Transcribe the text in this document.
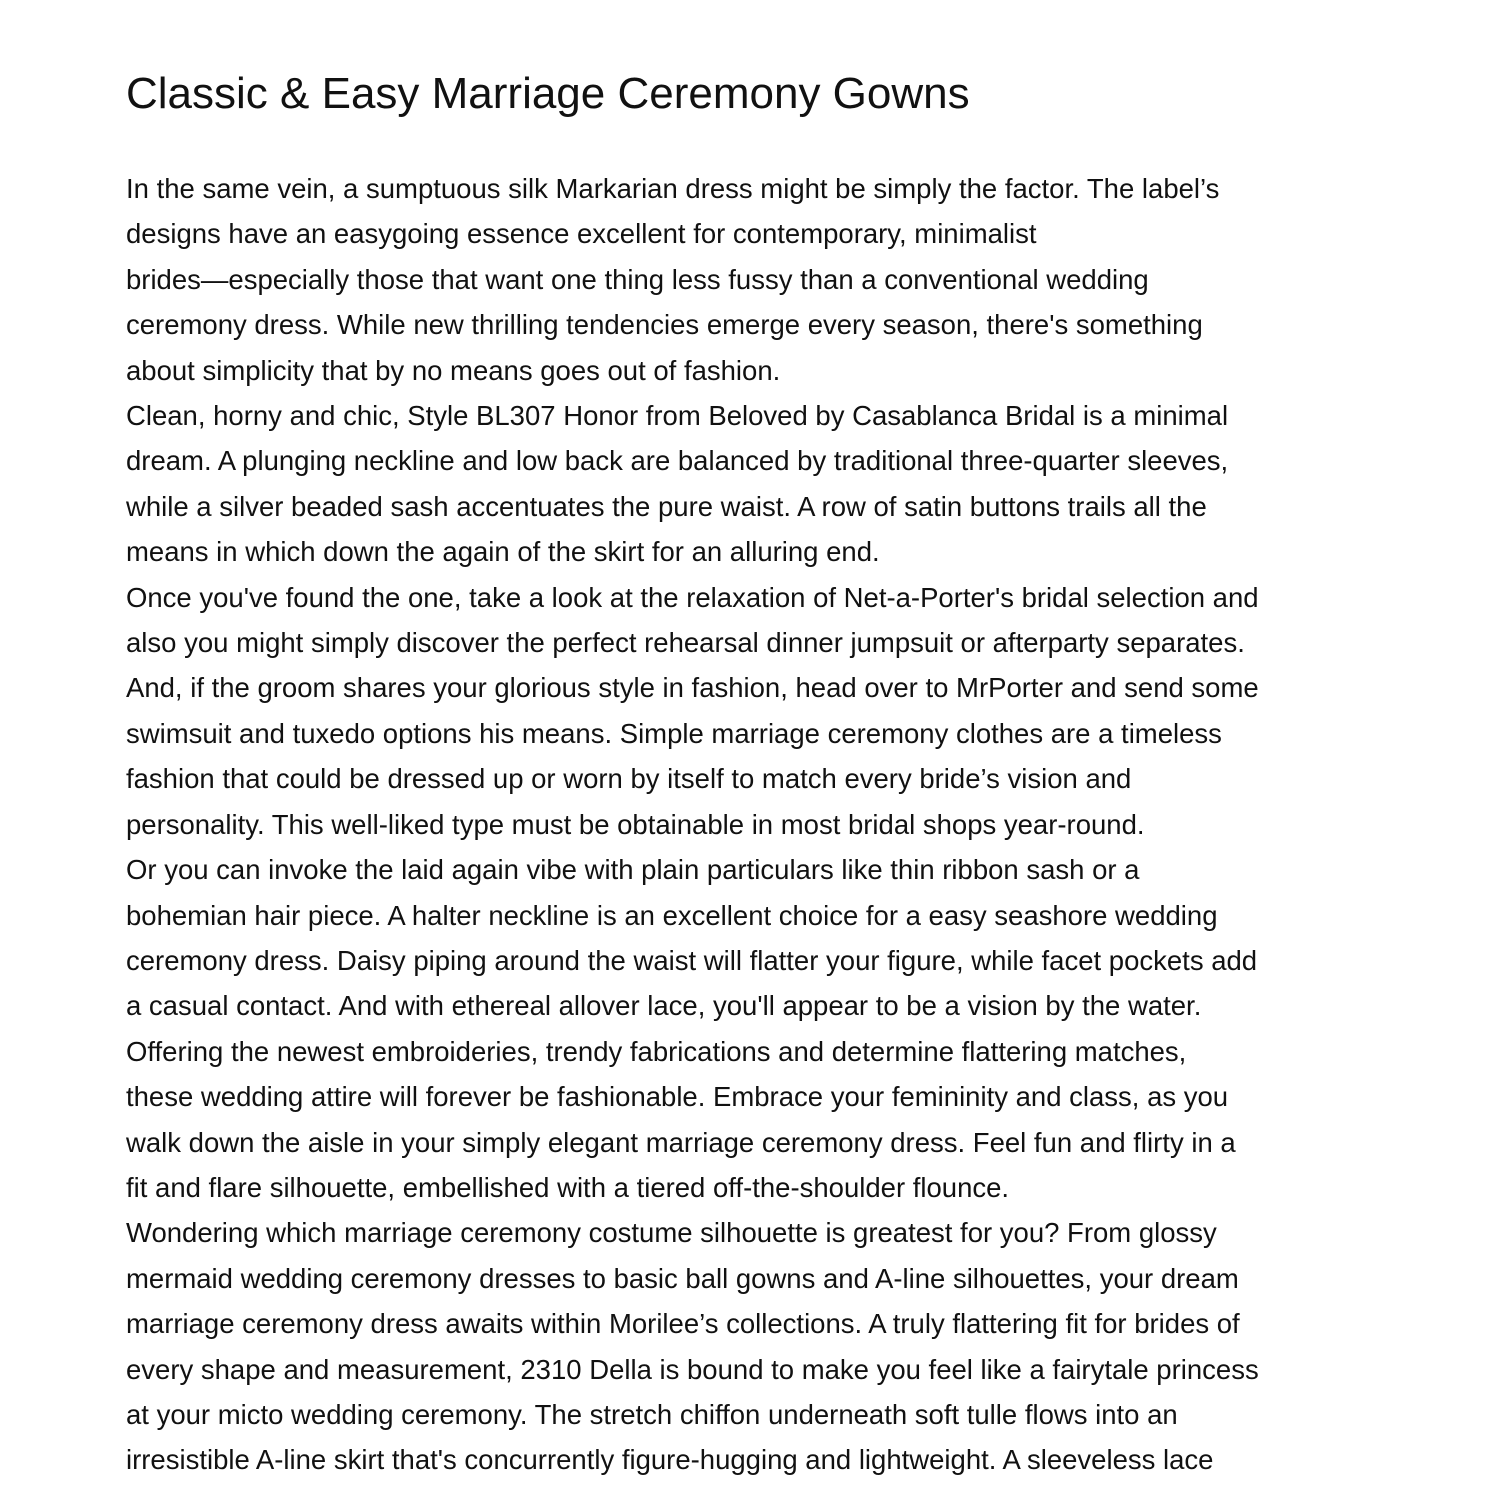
Classic & Easy Marriage Ceremony Gowns
In the same vein, a sumptuous silk Markarian dress might be simply the factor. The label’s
designs have an easygoing essence excellent for contemporary, minimalist
brides—especially those that want one thing less fussy than a conventional wedding
ceremony dress. While new thrilling tendencies emerge every season, there's something
about simplicity that by no means goes out of fashion.
Clean, horny and chic, Style BL307 Honor from Beloved by Casablanca Bridal is a minimal
dream. A plunging neckline and low back are balanced by traditional three-quarter sleeves,
while a silver beaded sash accentuates the pure waist. A row of satin buttons trails all the
means in which down the again of the skirt for an alluring end.
Once you've found the one, take a look at the relaxation of Net-a-Porter's bridal selection and
also you might simply discover the perfect rehearsal dinner jumpsuit or afterparty separates.
And, if the groom shares your glorious style in fashion, head over to MrPorter and send some
swimsuit and tuxedo options his means. Simple marriage ceremony clothes are a timeless
fashion that could be dressed up or worn by itself to match every bride’s vision and
personality. This well-liked type must be obtainable in most bridal shops year-round.
Or you can invoke the laid again vibe with plain particulars like thin ribbon sash or a
bohemian hair piece. A halter neckline is an excellent choice for a easy seashore wedding
ceremony dress. Daisy piping around the waist will flatter your figure, while facet pockets add
a casual contact. And with ethereal allover lace, you'll appear to be a vision by the water.
Offering the newest embroideries, trendy fabrications and determine flattering matches,
these wedding attire will forever be fashionable. Embrace your femininity and class, as you
walk down the aisle in your simply elegant marriage ceremony dress. Feel fun and flirty in a
fit and flare silhouette, embellished with a tiered off-the-shoulder flounce.
Wondering which marriage ceremony costume silhouette is greatest for you? From glossy
mermaid wedding ceremony dresses to basic ball gowns and A-line silhouettes, your dream
marriage ceremony dress awaits within Morilee’s collections. A truly flattering fit for brides of
every shape and measurement, 2310 Della is bound to make you feel like a fairytale princess
at your micto wedding ceremony. The stretch chiffon underneath soft tulle flows into an
irresistible A-line skirt that's concurrently figure-hugging and lightweight. A sleeveless lace
